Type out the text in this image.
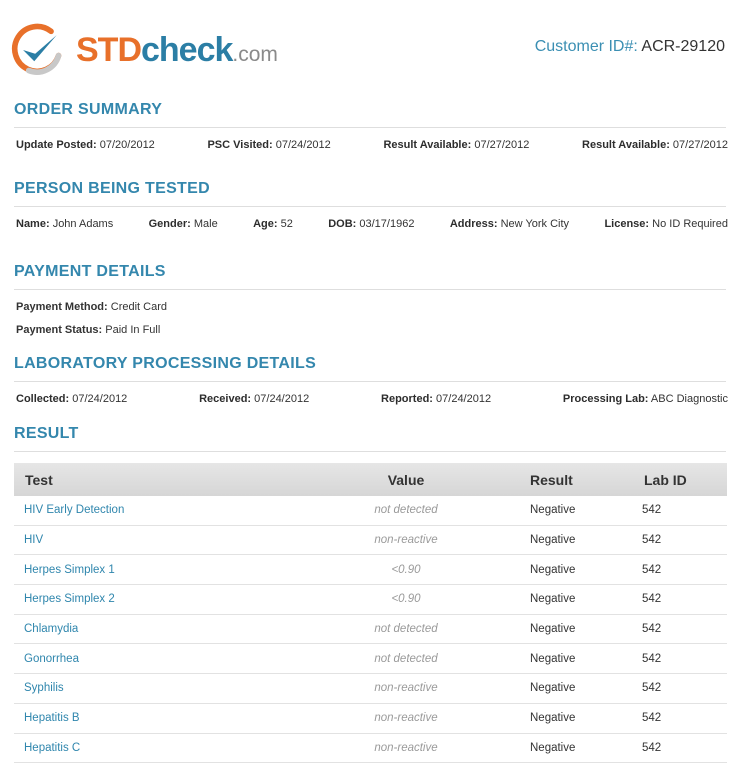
STDcheck.com	Customer ID#: ACR-29120
ORDER SUMMARY
Update Posted: 07/20/2012	PSC Visited: 07/24/2012	Result Available: 07/27/2012	Result Available: 07/27/2012
PERSON BEING TESTED
Name: John Adams	Gender: Male	Age: 52	DOB: 03/17/1962	Address: New York City	License: No ID Required
PAYMENT DETAILS
Payment Method: Credit Card
Payment Status: Paid In Full
LABORATORY PROCESSING DETAILS
Collected: 07/24/2012	Received: 07/24/2012	Reported: 07/24/2012	Processing Lab: ABC Diagnostic
RESULT
Test	Value	Result	Lab ID
HIV Early Detection	not detected	Negative	542
HIV	non-reactive	Negative	542
Herpes Simplex 1	<0.90	Negative	542
Herpes Simplex 2	<0.90	Negative	542
Chlamydia	not detected	Negative	542
Gonorrhea	not detected	Negative	542
Syphilis	non-reactive	Negative	542
Hepatitis B	non-reactive	Negative	542
Hepatitis C	non-reactive	Negative	542
